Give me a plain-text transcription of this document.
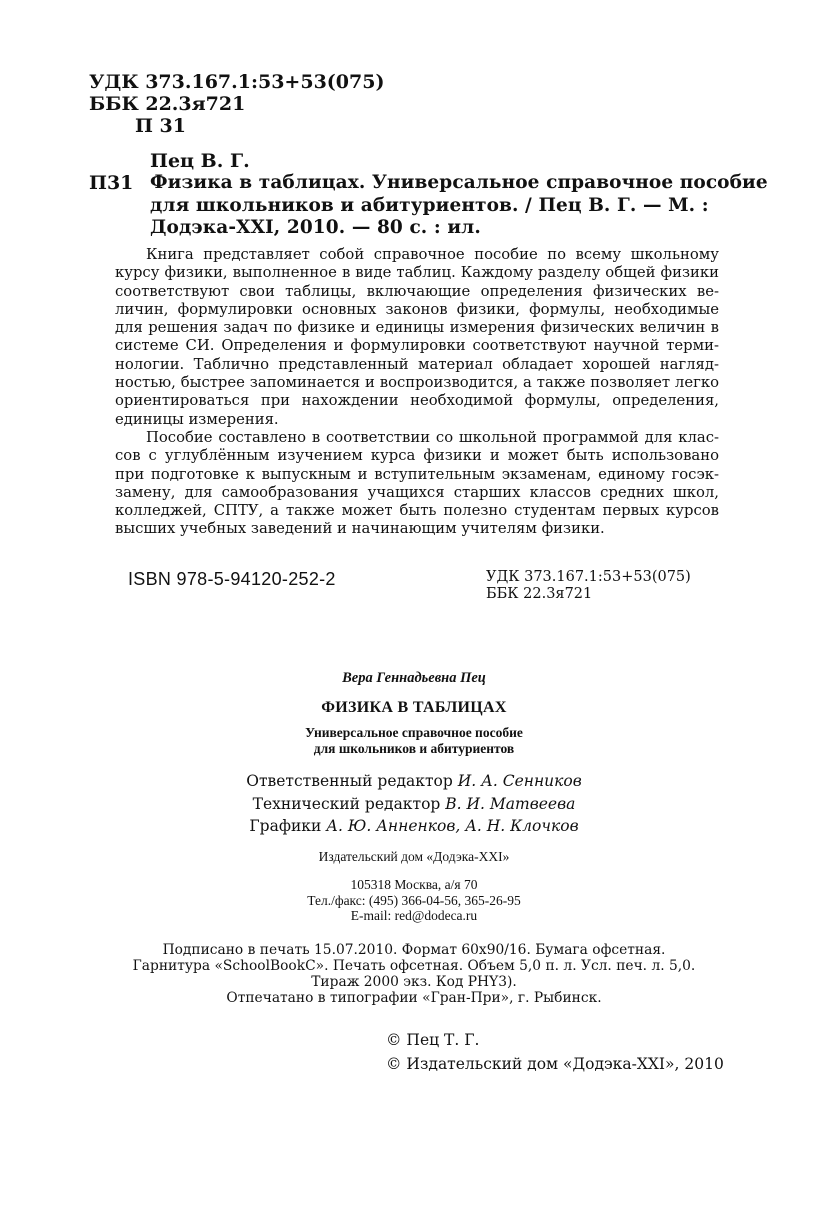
УДК 373.167.1:53+53(075)
ББК 22.3я721
П 31
Пец В. Г.
П31 Физика в таблицах. Универсальное справочное пособие
для школьников и абитуриентов. / Пец В. Г. — М. :
Додэка-XXI, 2010. — 80 с. : ил.

Книга представляет собой справочное пособие по всему школьному курсу физики, выполненное в виде таблиц. Каждому разделу общей физики соответствуют свои таблицы, включающие определения физических величин, формулировки основных законов физики, формулы, необходимые для решения задач по физике и единицы измерения физических величин в системе СИ. Определения и формулировки соответствуют научной терминологии. Таблично представленный материал обладает хорошей наглядностью, быстрее запоминается и воспроизводится, а также позволяет легко ориентироваться при нахождении необходимой формулы, определения, единицы измерения.

Пособие составлено в соответствии со школьной программой для классов с углублённым изучением курса физики и может быть использовано при подготовке к выпускным и вступительным экзаменам, единому госэкзамену, для самообразования учащихся старших классов средних школ, колледжей, СПТУ, а также может быть полезно студентам первых курсов высших учебных заведений и начинающим учителям физики.

ISBN 978-5-94120-252-2	УДК 373.167.1:53+53(075)
ББК 22.3я721
Вера Геннадьевна Пец
ФИЗИКА В ТАБЛИЦАХ
Универсальное справочное пособие
для школьников и абитуриентов
Ответственный редактор И. А. Сенников
Технический редактор В. И. Матвеева
Графики А. Ю. Анненков, А. Н. Клочков
Издательский дом «Додэка-XXI»
105318 Москва, а/я 70
Тел./факс: (495) 366-04-56, 365-26-95
E-mail: red@dodeca.ru
Подписано в печать 15.07.2010. Формат 60х90/16. Бумага офсетная.
Гарнитура «SchoolBookC». Печать офсетная. Объем 5,0 п. л. Усл. печ. л. 5,0.
Тираж 2000 экз. Код PHY3).
Отпечатано в типографии «Гран-При», г. Рыбинск.
© Пец Т. Г.
© Издательский дом «Додэка-XXI», 2010
